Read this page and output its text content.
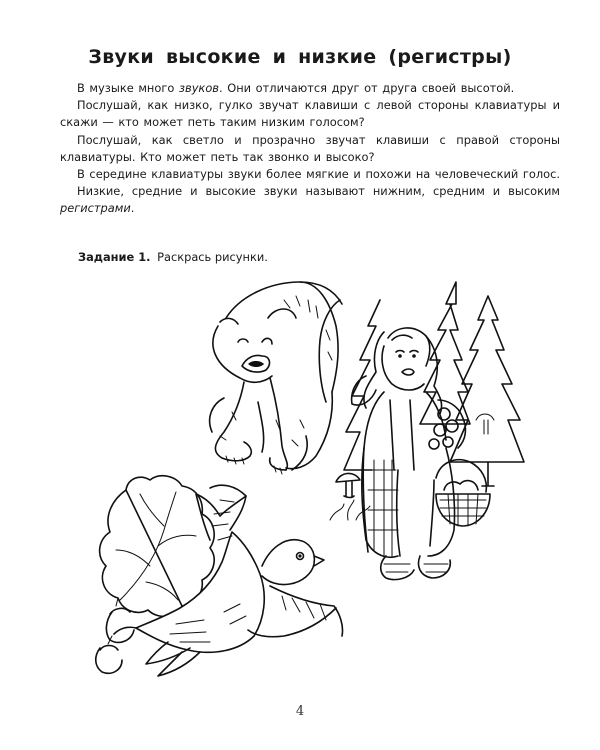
Звуки высокие и низкие (регистры)

В музыке много звуков. Они отличаются друг от друга своей высотой.

Послушай, как низко, гулко звучат клавиши с левой стороны клавиатуры и скажи — кто может петь таким низким голосом?

Послушай, как светло и прозрачно звучат клавиши с правой стороны клавиатуры. Кто может петь так звонко и высоко?

В середине клавиатуры звуки более мягкие и похожи на человеческий голос.

Низкие, средние и высокие звуки называют нижним, средним и высоким регистрами.

Задание 1. Раскрась рисунки.
4
